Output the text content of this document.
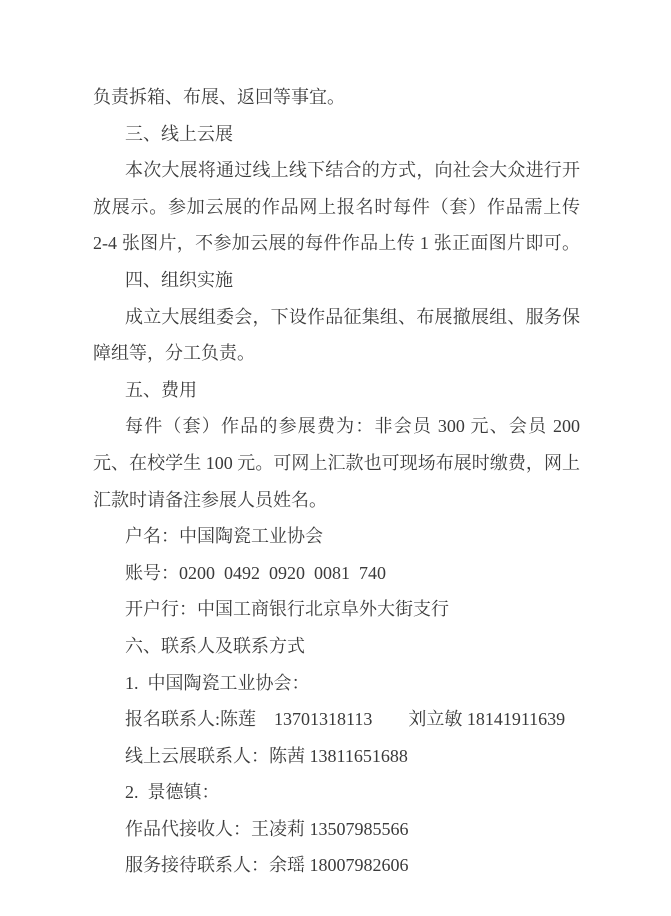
负责拆箱、布展、返回等事宜。
三、线上云展
本次大展将通过线上线下结合的方式，向社会大众进行开
放展示。参加云展的作品网上报名时每件（套）作品需上传
2-4 张图片，不参加云展的每件作品上传 1 张正面图片即可。
四、组织实施
成立大展组委会，下设作品征集组、布展撤展组、服务保
障组等，分工负责。
五、费用
每件（套）作品的参展费为：非会员 300 元、会员 200
元、在校学生 100 元。可网上汇款也可现场布展时缴费，网上
汇款时请备注参展人员姓名。
户名：中国陶瓷工业协会
账号：0200  0492  0920  0081  740
开户行：中国工商银行北京阜外大街支行
六、联系人及联系方式
1.  中国陶瓷工业协会：
报名联系人:陈莲　13701318113　　刘立敏 18141911639
线上云展联系人：陈茜 13811651688
2.  景德镇：
作品代接收人：王凌莉 13507985566
服务接待联系人：余瑶 18007982606
